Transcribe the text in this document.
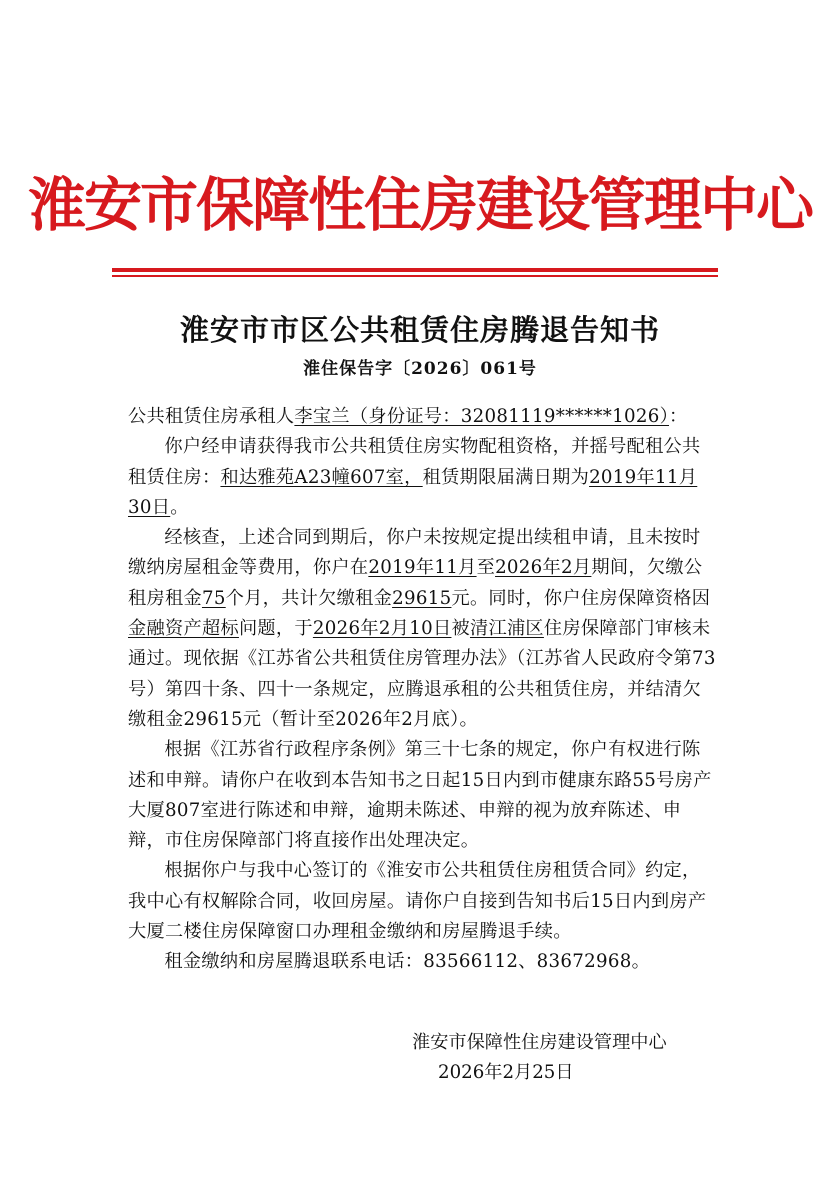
淮安市保障性住房建设管理中心
淮安市市区公共租赁住房腾退告知书
淮住保告字〔2026〕061号

公共租赁住房承租人李宝兰（身份证号：32081119******1026）：

你户经申请获得我市公共租赁住房实物配租资格，并摇号配租公共租赁住房：和达雅苑A23幢607室，租赁期限届满日期为2019年11月30日。

经核查，上述合同到期后，你户未按规定提出续租申请，且未按时缴纳房屋租金等费用，你户在2019年11月至2026年2月期间，欠缴公租房租金75个月，共计欠缴租金29615元。同时，你户住房保障资格因金融资产超标问题，于2026年2月10日被清江浦区住房保障部门审核未通过。现依据《江苏省公共租赁住房管理办法》（江苏省人民政府令第73号）第四十条、四十一条规定，应腾退承租的公共租赁住房，并结清欠缴租金29615元（暂计至2026年2月底）。

根据《江苏省行政程序条例》第三十七条的规定，你户有权进行陈述和申辩。请你户在收到本告知书之日起15日内到市健康东路55号房产大厦807室进行陈述和申辩，逾期未陈述、申辩的视为放弃陈述、申辩，市住房保障部门将直接作出处理决定。

根据你户与我中心签订的《淮安市公共租赁住房租赁合同》约定，我中心有权解除合同，收回房屋。请你户自接到告知书后15日内到房产大厦二楼住房保障窗口办理租金缴纳和房屋腾退手续。

租金缴纳和房屋腾退联系电话：83566112、83672968。

淮安市保障性住房建设管理中心
2026年2月25日
